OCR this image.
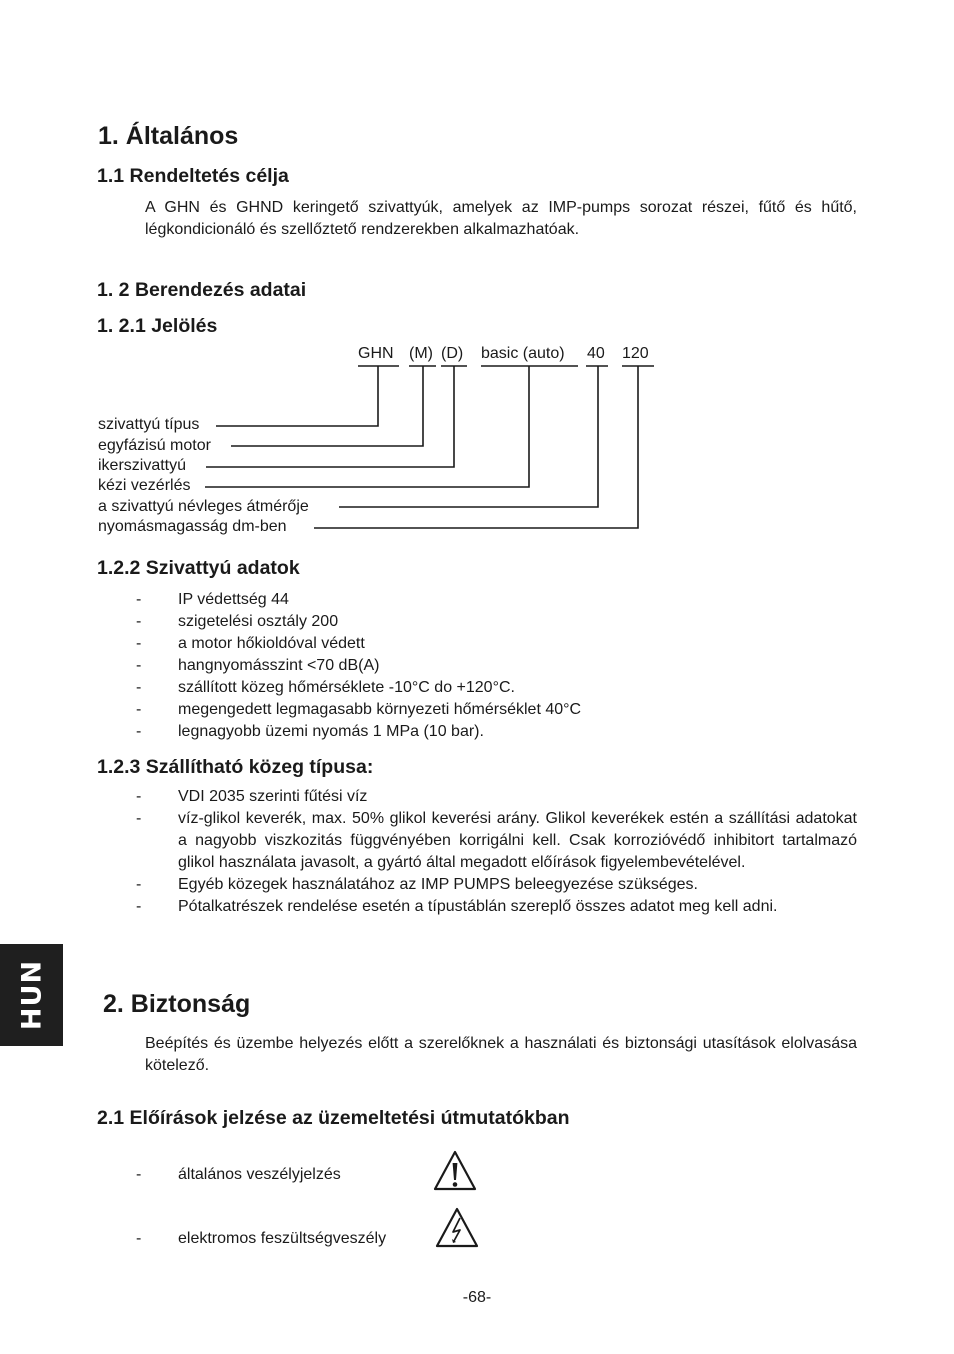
1. Általános
1.1 Rendeltetés célja
A GHN és GHND keringető szivattyúk, amelyek az IMP-pumps sorozat részei, fűtő és hűtő, légkondicionáló és szellőztető rendzerekben alkalmazhatóak.
1. 2 Berendezés adatai
1. 2.1 Jelölés
GHN (M) (D) basic (auto) 40 120
szivattyú típus
egyfázisú motor
ikerszivattyú
kézi vezérlés
a szivattyú névleges átmérője
nyomásmagasság dm-ben
1.2.2 Szivattyú adatok
- IP védettség 44
- szigetelési osztály 200
- a motor hőkioldóval védett
- hangnyomásszint <70 dB(A)
- szállított közeg hőmérséklete -10°C do +120°C.
- megengedett legmagasabb környezeti hőmérséklet 40°C
- legnagyobb üzemi nyomás 1 MPa (10 bar).
1.2.3 Szállítható közeg típusa:
- VDI 2035 szerinti fűtési víz
- víz-glikol keverék, max. 50% glikol keverési arány. Glikol keverékek estén a szállítási adatokat a nagyobb viszkozitás függvényében korrigálni kell. Csak korrozióvédő inhibitort tartalmazó glikol használata javasolt, a gyártó által megadott előírások figyelembevételével.
- Egyéb közegek használatához az IMP PUMPS beleegyezése szükséges.
- Pótalkatrészek rendelése esetén a típustáblán szereplő összes adatot meg kell adni.
HUN 2. Biztonság
Beépítés és üzembe helyezés előtt a szerelőknek a használati és biztonsági utasítások elolvasása kötelező.
2.1 Előírások jelzése az üzemeltetési útmutatókban
- általános veszélyjelzés
- elektromos feszültségveszély
-68-
